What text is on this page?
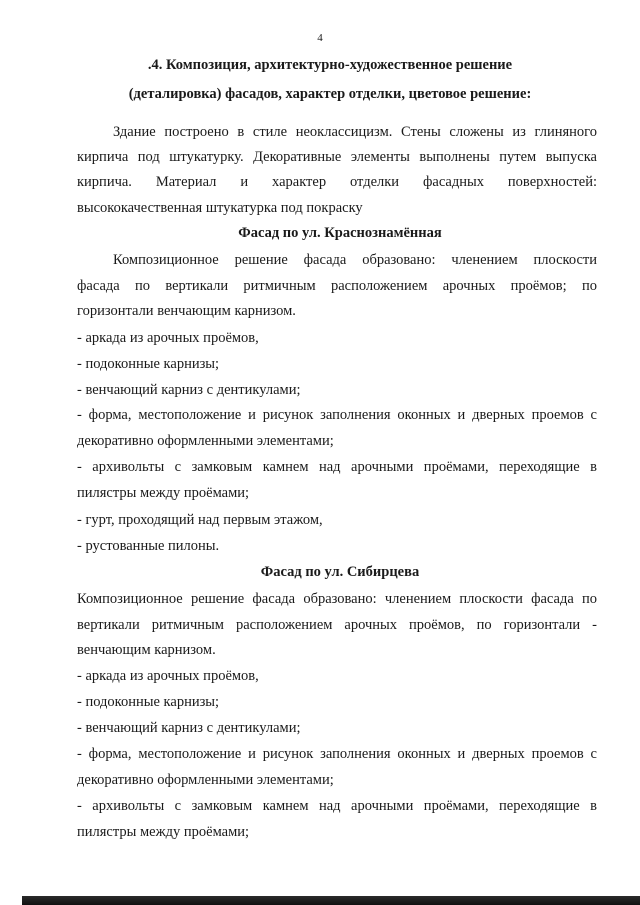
4
.4. Композиция, архитектурно-художественное решение
(деталировка) фасадов, характер отделки, цветовое решение:
Здание построено в стиле неоклассицизм. Стены сложены из глиняного
кирпича под штукатурку. Декоративные элементы выполнены путем выпуска
кирпича. Материал и характер отделки фасадных поверхностей:
высококачественная штукатурка под покраску
Фасад по ул. Краснознамённая
Композиционное решение фасада образовано: членением плоскости
фасада по вертикали ритмичным расположением арочных проёмов; по
горизонтали венчающим карнизом.
- аркада из арочных проёмов,
- подоконные карнизы;
- венчающий карниз с дентикулами;
- форма, местоположение и рисунок заполнения оконных и дверных проемов с
декоративно оформленными элементами;
- архивольты с замковым камнем над арочными проёмами, переходящие в
пилястры между проёмами;
- гурт, проходящий над первым этажом,
- рустованные пилоны.
Фасад по ул. Сибирцева
Композиционное решение фасада образовано: членением плоскости фасада по
вертикали ритмичным расположением арочных проёмов, по горизонтали -
венчающим карнизом.
- аркада из арочных проёмов,
- подоконные карнизы;
- венчающий карниз с дентикулами;
- форма, местоположение и рисунок заполнения оконных и дверных проемов с
декоративно оформленными элементами;
- архивольты с замковым камнем над арочными проёмами, переходящие в
пилястры между проёмами;
